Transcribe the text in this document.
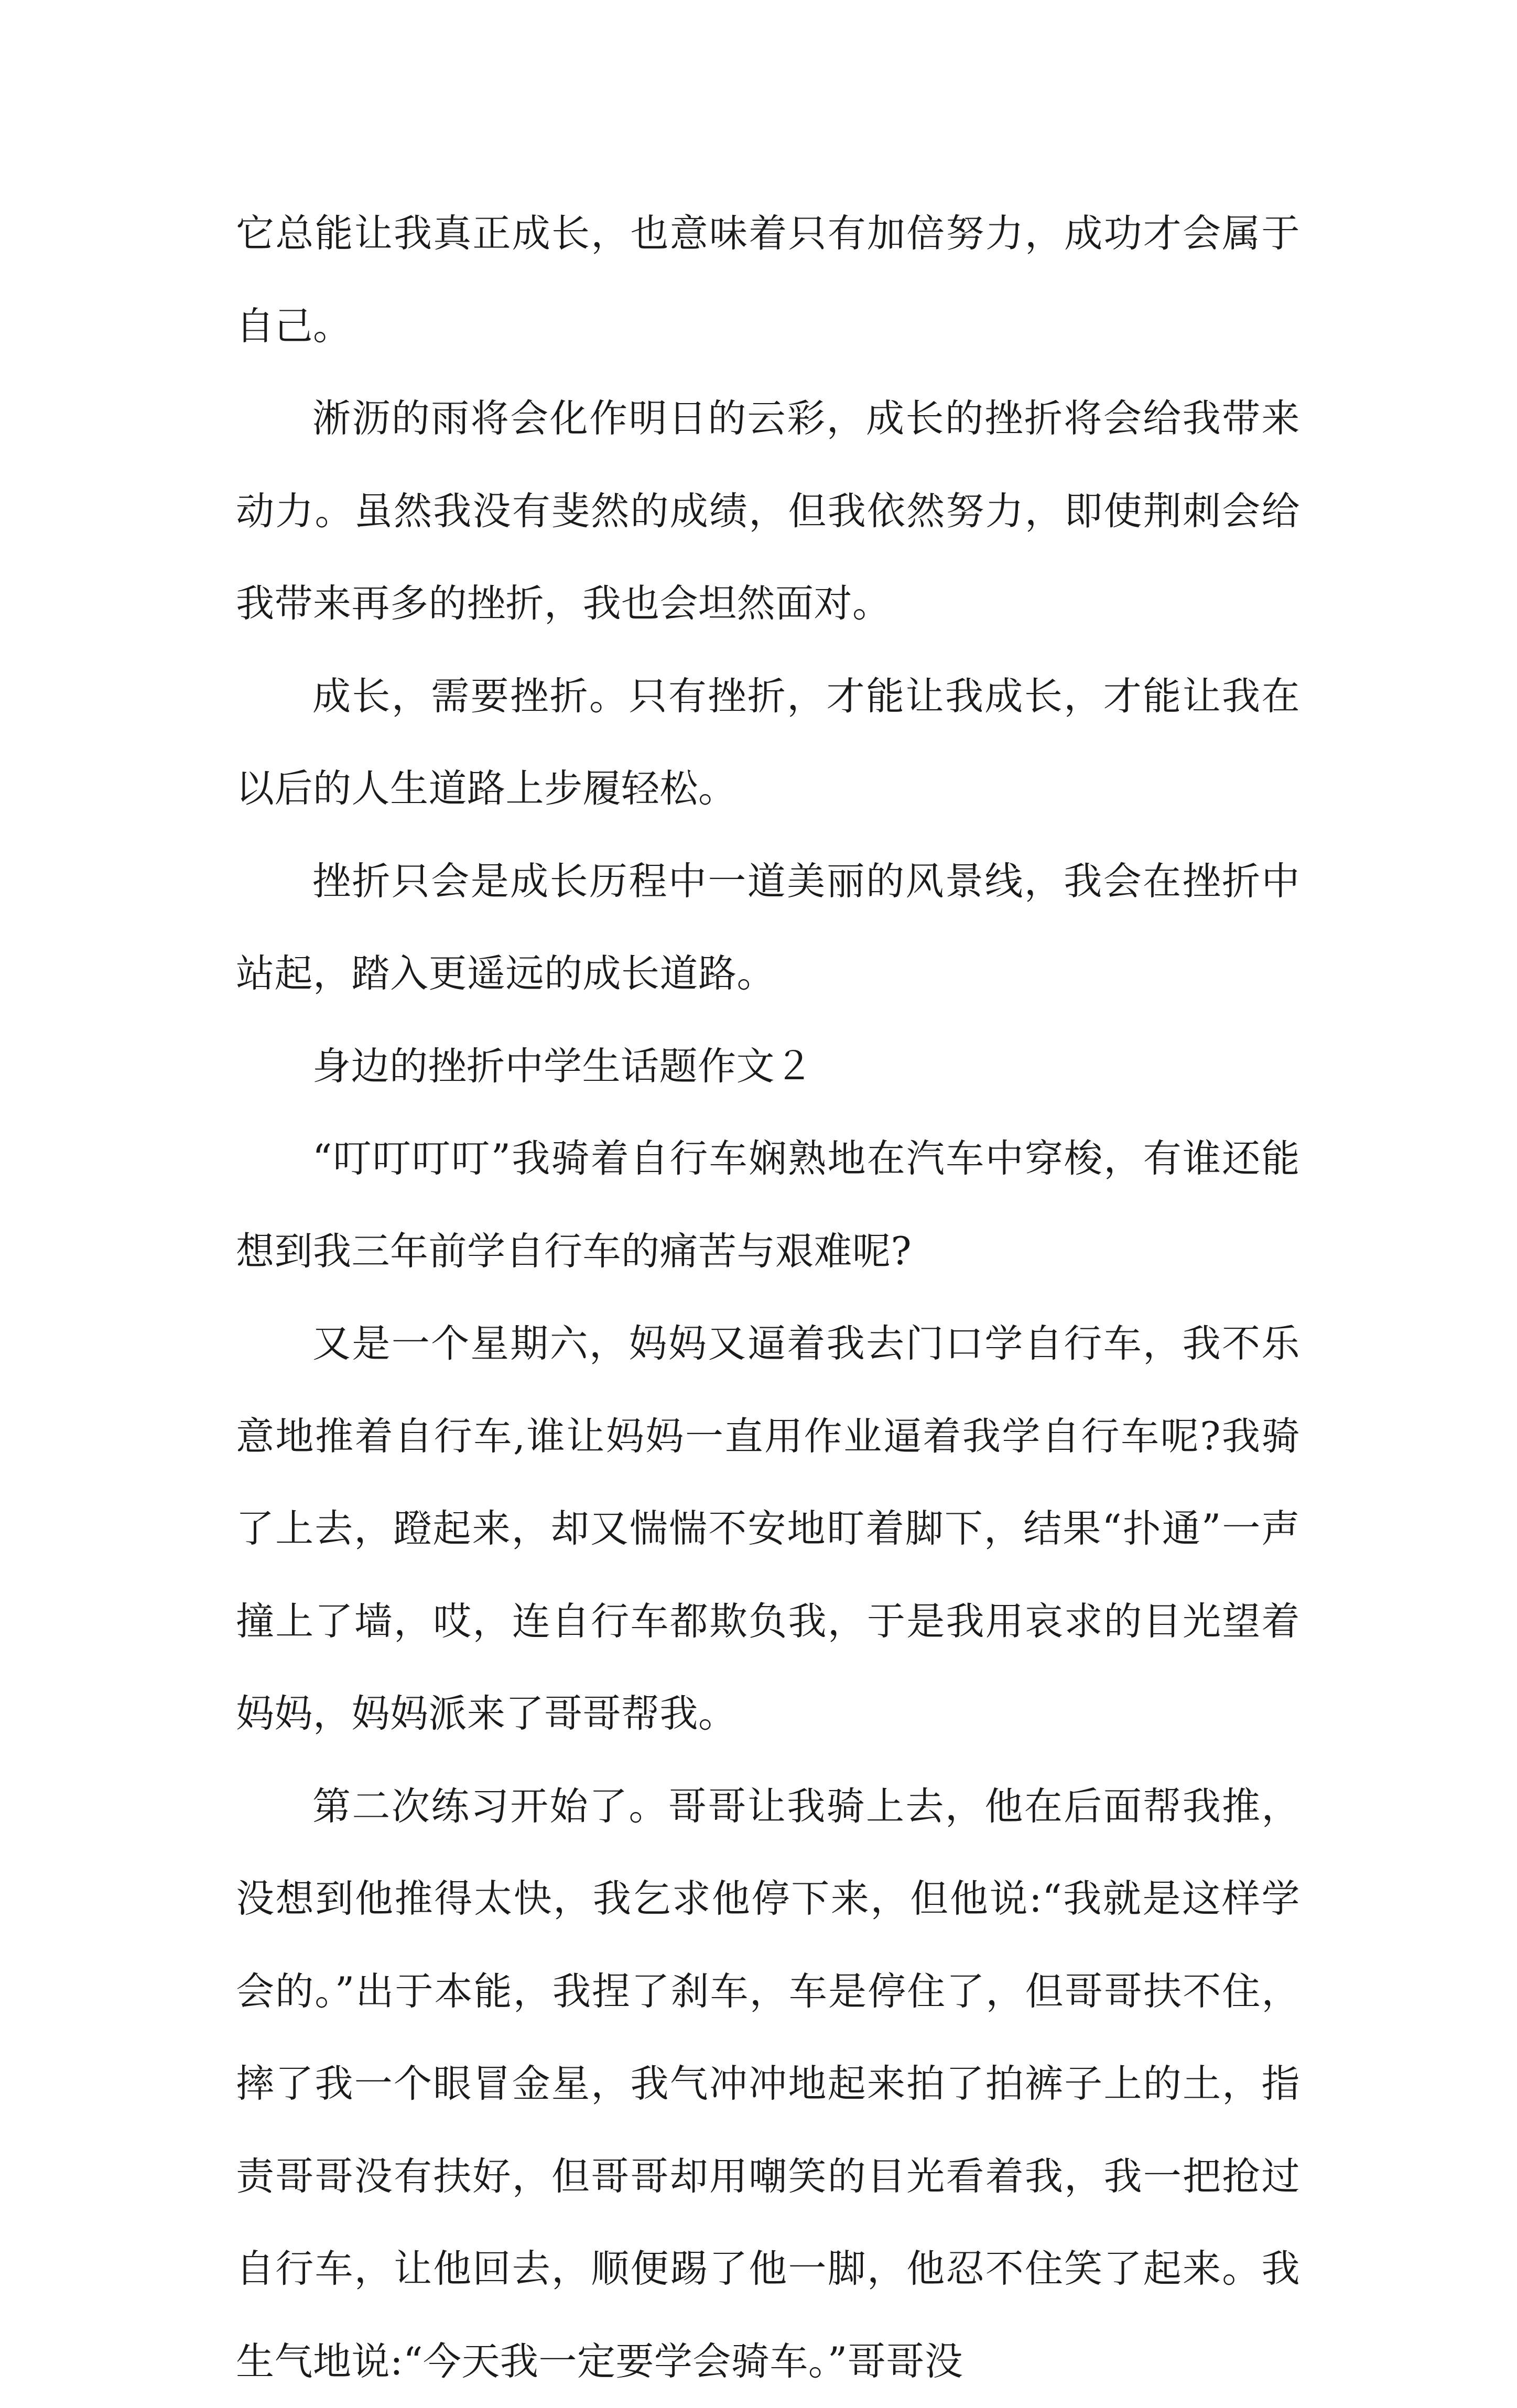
它总能让我真正成长，也意味着只有加倍努力，成功才会属于自己。

淅沥的雨将会化作明日的云彩，成长的挫折将会给我带来动力。虽然我没有斐然的成绩，但我依然努力，即使荆刺会给我带来再多的挫折，我也会坦然面对。

成长，需要挫折。只有挫折，才能让我成长，才能让我在以后的人生道路上步履轻松。

挫折只会是成长历程中一道美丽的风景线，我会在挫折中站起，踏入更遥远的成长道路。

身边的挫折中学生话题作文２

“叮叮叮叮”我骑着自行车娴熟地在汽车中穿梭，有谁还能想到我三年前学自行车的痛苦与艰难呢?

又是一个星期六，妈妈又逼着我去门口学自行车，我不乐意地推着自行车,谁让妈妈一直用作业逼着我学自行车呢?我骑了上去，蹬起来，却又惴惴不安地盯着脚下，结果“扑通”一声撞上了墙，哎，连自行车都欺负我，于是我用哀求的目光望着妈妈，妈妈派来了哥哥帮我。

第二次练习开始了。哥哥让我骑上去，他在后面帮我推，没想到他推得太快，我乞求他停下来，但他说:“我就是这样学会的。”出于本能，我捏了刹车，车是停住了，但哥哥扶不住，摔了我一个眼冒金星，我气冲冲地起来拍了拍裤子上的土，指责哥哥没有扶好，但哥哥却用嘲笑的目光看着我，我一把抢过自行车，让他回去，顺便踢了他一脚，他忍不住笑了起来。我生气地说:“今天我一定要学会骑车。”哥哥没
